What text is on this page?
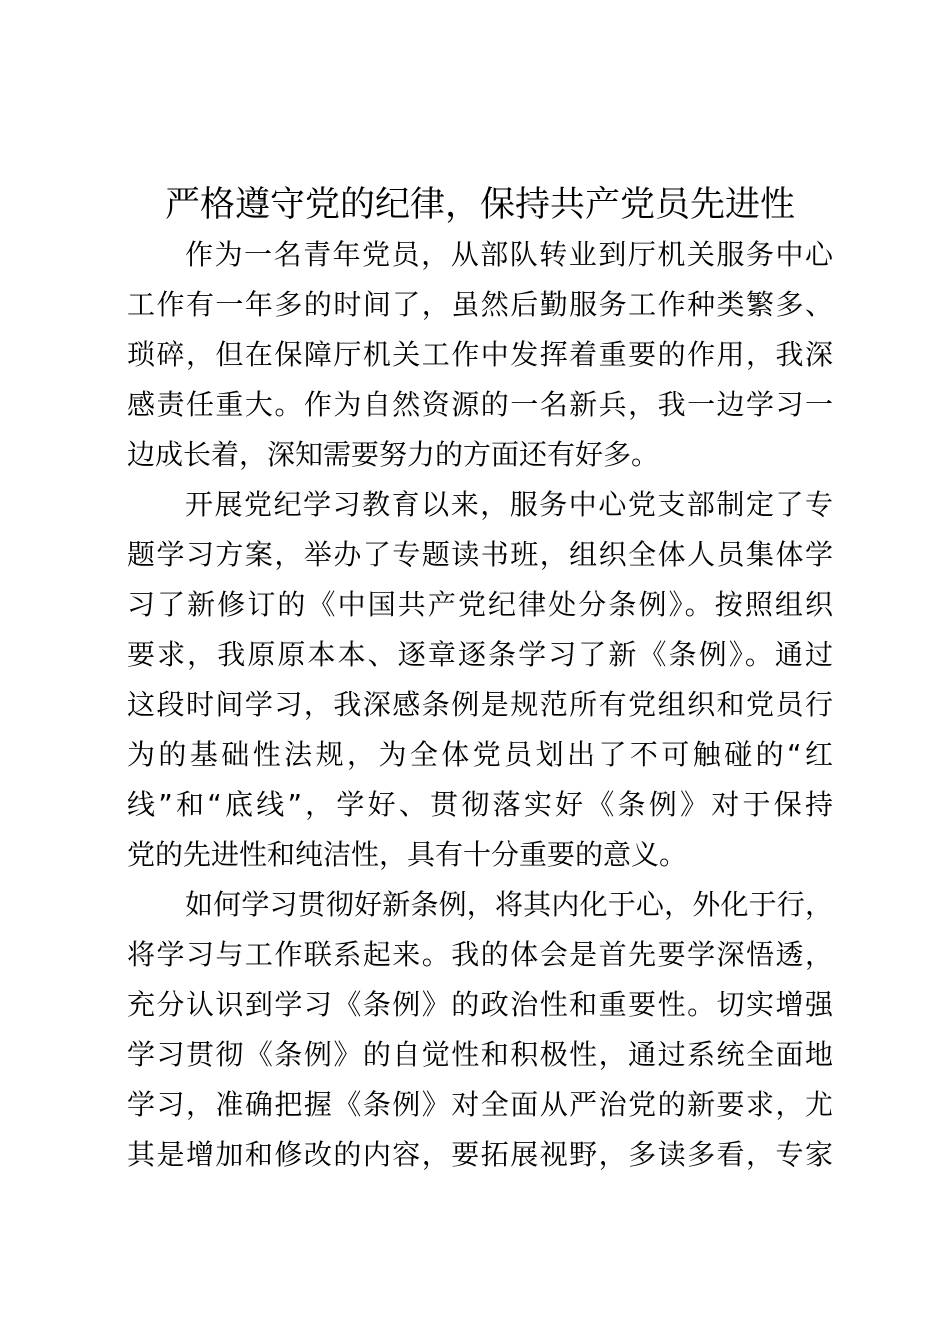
严格遵守党的纪律，保持共产党员先进性
作为一名青年党员，从部队转业到厅机关服务中心
工作有一年多的时间了，虽然后勤服务工作种类繁多、
琐碎，但在保障厅机关工作中发挥着重要的作用，我深
感责任重大。作为自然资源的一名新兵，我一边学习一
边成长着，深知需要努力的方面还有好多。
开展党纪学习教育以来，服务中心党支部制定了专
题学习方案，举办了专题读书班，组织全体人员集体学
习了新修订的《中国共产党纪律处分条例》。按照组织
要求，我原原本本、逐章逐条学习了新《条例》。通过
这段时间学习，我深感条例是规范所有党组织和党员行
为的基础性法规，为全体党员划出了不可触碰的“红
线”和“底线”，学好、贯彻落实好《条例》对于保持
党的先进性和纯洁性，具有十分重要的意义。
如何学习贯彻好新条例，将其内化于心，外化于行，
将学习与工作联系起来。我的体会是首先要学深悟透，
充分认识到学习《条例》的政治性和重要性。切实增强
学习贯彻《条例》的自觉性和积极性，通过系统全面地
学习，准确把握《条例》对全面从严治党的新要求，尤
其是增加和修改的内容，要拓展视野，多读多看，专家
